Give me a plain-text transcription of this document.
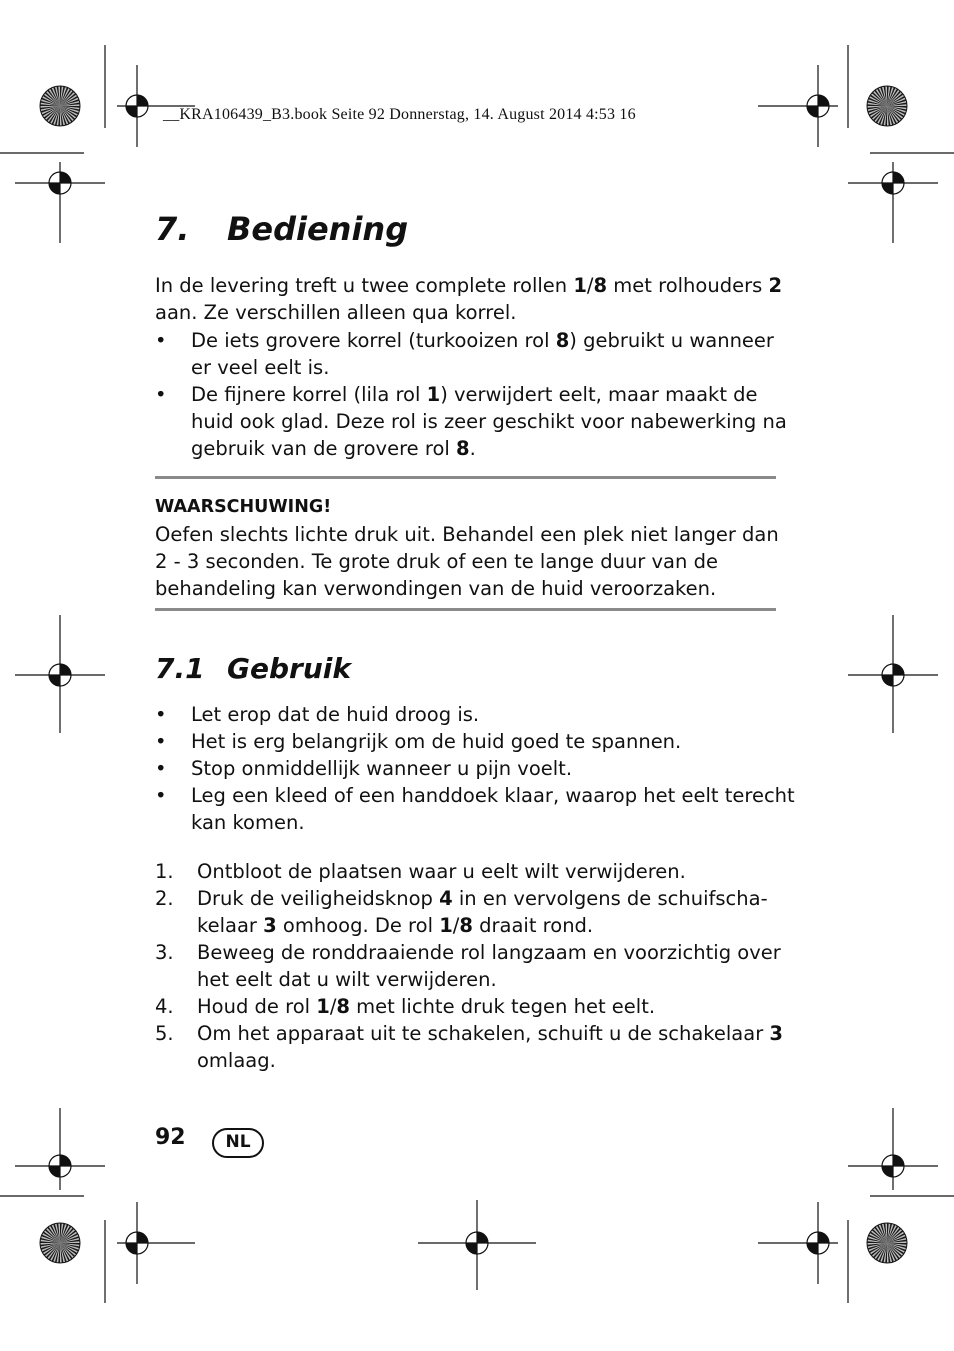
__KRA106439_B3.book Seite 92 Donnerstag, 14. August 2014 4:53 16
7. Bediening
In de levering treft u twee complete rollen 1/8 met rolhouders 2
aan. Ze verschillen alleen qua korrel.
• De iets grovere korrel (turkooizen rol 8) gebruikt u wanneer er veel eelt is.
• De fijnere korrel (lila rol 1) verwijdert eelt, maar maakt de huid ook glad. Deze rol is zeer geschikt voor nabewerking na gebruik van de grovere rol 8.
WAARSCHUWING!
Oefen slechts lichte druk uit. Behandel een plek niet langer dan 2 - 3 seconden. Te grote druk of een te lange duur van de behandeling kan verwondingen van de huid veroorzaken.
7.1 Gebruik
• Let erop dat de huid droog is.
• Het is erg belangrijk om de huid goed te spannen.
• Stop onmiddellijk wanneer u pijn voelt.
• Leg een kleed of een handdoek klaar, waarop het eelt terecht kan komen.
1. Ontbloot de plaatsen waar u eelt wilt verwijderen.
2. Druk de veiligheidsknop 4 in en vervolgens de schuifscha-kelaar 3 omhoog. De rol 1/8 draait rond.
3. Beweeg de ronddraaiende rol langzaam en voorzichtig over het eelt dat u wilt verwijderen.
4. Houd de rol 1/8 met lichte druk tegen het eelt.
5. Om het apparaat uit te schakelen, schuift u de schakelaar 3 omlaag.
92	NL
